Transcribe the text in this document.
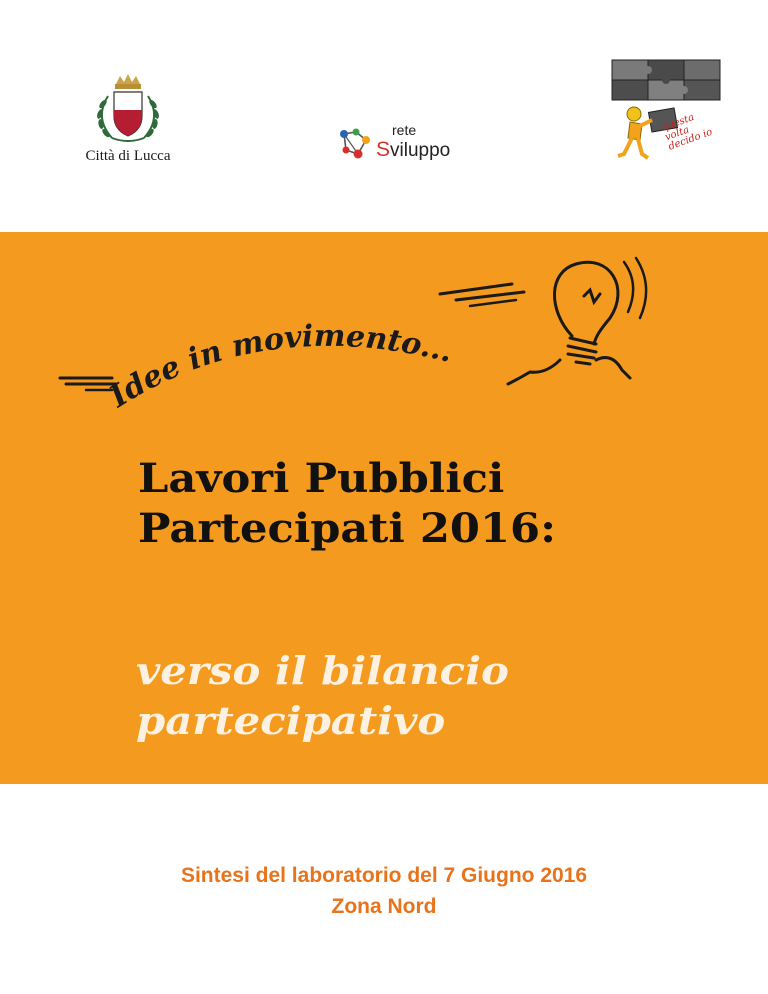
Città di Lucca
rete
Sviluppo
questa volta decido io
Idee in movimento...
Lavori Pubblici
Partecipati 2016:
verso il bilancio
partecipativo
Sintesi del laboratorio del 7 Giugno 2016
Zona Nord
